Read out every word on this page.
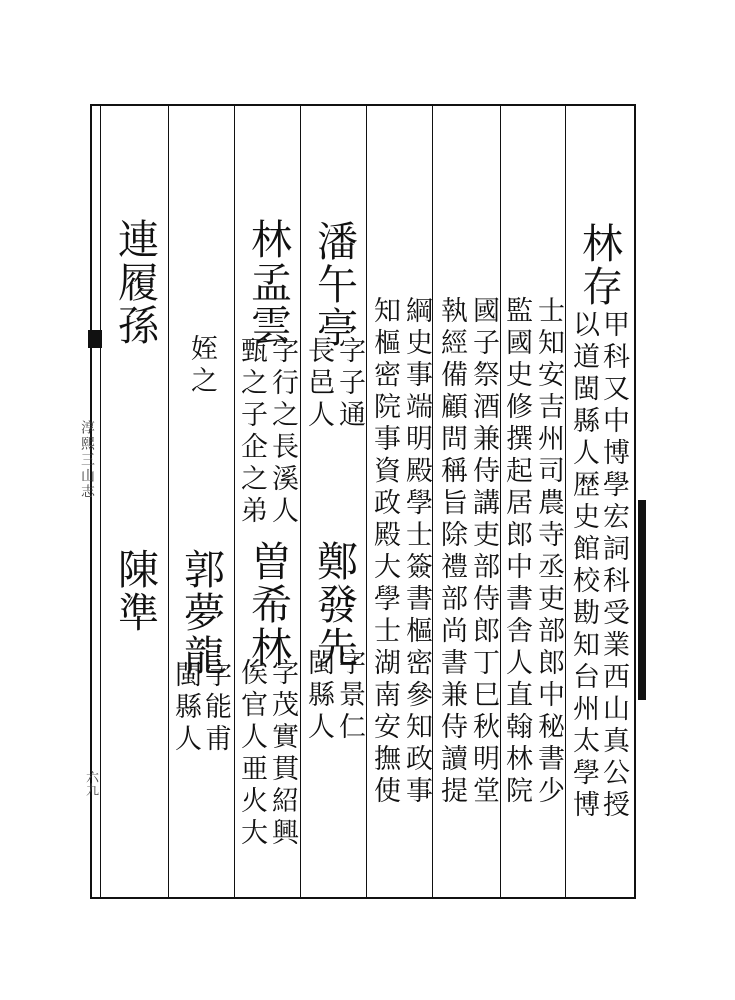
淳熙三山志
六九
林存
甲科又中博學宏詞科受業西山真公授
以道閩縣人歴史館校勘知台州太學博
士知安吉州司農寺丞吏部郎中秘書少
監國史修撰起居郎中書舎人直翰林院
國子祭酒兼侍講吏部侍郎丁巳秋明堂
執經備顧問稱旨除禮部尚書兼侍讀提
綱史事端明殿學士簽書樞密參知政事
知樞密院事資政殿大學士湖南安撫使
潘午亭
字子通
長邑人
鄭發先
字景仁
閩縣人
林孟雲
字行之長溪人
甄之子企之弟
曽希林
字茂實貫紹興
俟官人亜火大
姪之
郭夢龍
字能甫
閩縣人
連履孫
陳準
